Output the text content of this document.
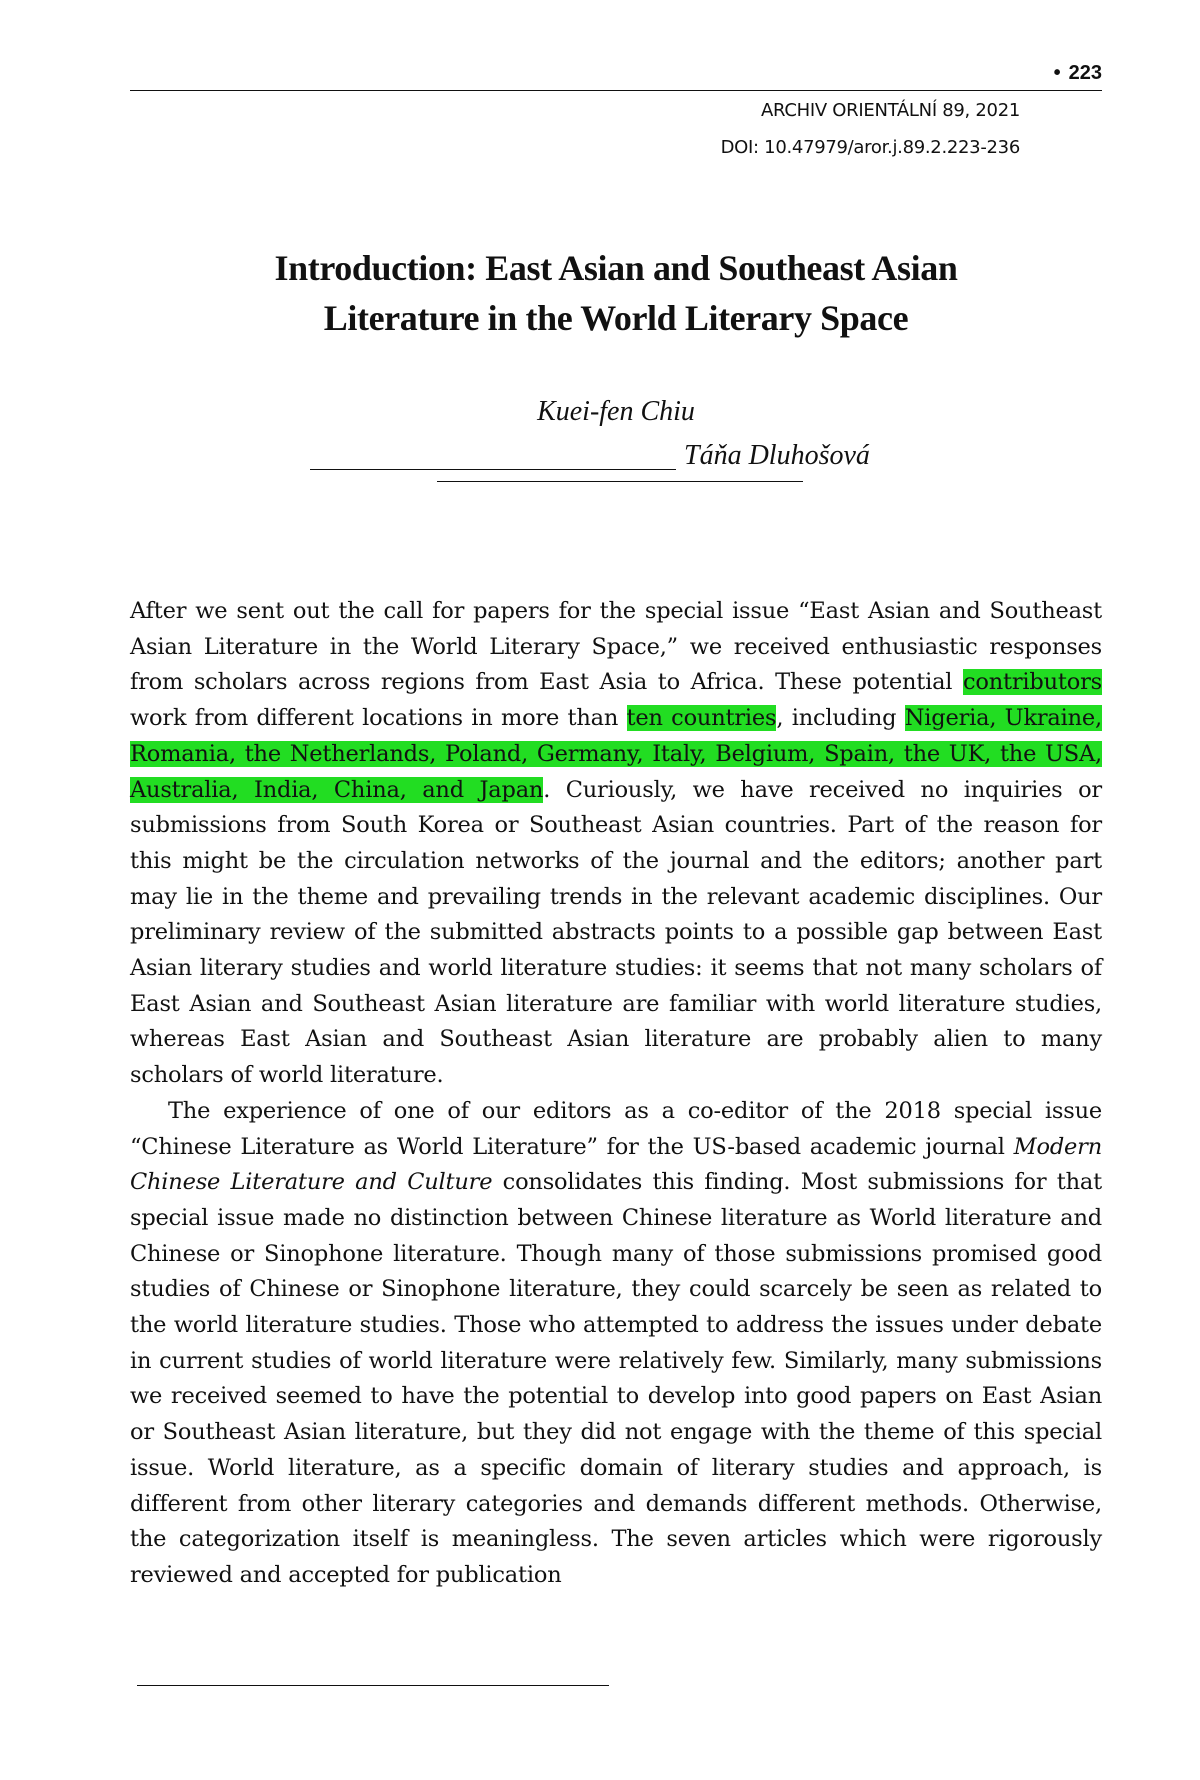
• 223
ARCHIV ORIENTÁLNÍ 89, 2021
DOI: 10.47979/aror.j.89.2.223-236
Introduction: East Asian and Southeast Asian
Literature in the World Literary Space
Kuei-fen Chiu
Táňa Dluhošová

After we sent out the call for papers for the special issue “East Asian and Southeast Asian Literature in the World Literary Space,” we received enthusiastic responses from scholars across regions from East Asia to Africa. These potential contributors work from different locations in more than ten countries, including Nigeria, Ukraine, Romania, the Netherlands, Poland, Germany, Italy, Belgium, Spain, the UK, the USA, Australia, India, China, and Japan. Curiously, we have received no inquiries or submissions from South Korea or Southeast Asian countries. Part of the reason for this might be the circulation networks of the journal and the editors; another part may lie in the theme and prevailing trends in the relevant academic disciplines. Our preliminary review of the submitted abstracts points to a possible gap between East Asian literary studies and world literature studies: it seems that not many scholars of East Asian and Southeast Asian literature are familiar with world literature studies, whereas East Asian and Southeast Asian literature are probably alien to many scholars of world literature.

The experience of one of our editors as a co-editor of the 2018 special issue “Chinese Literature as World Literature” for the US-based academic journal Modern Chinese Literature and Culture consolidates this finding. Most submissions for that special issue made no distinction between Chinese literature as World literature and Chinese or Sinophone literature. Though many of those submissions promised good studies of Chinese or Sinophone literature, they could scarcely be seen as related to the world literature studies. Those who attempted to address the issues under debate in current studies of world literature were relatively few. Similarly, many submissions we received seemed to have the potential to develop into good papers on East Asian or Southeast Asian literature, but they did not engage with the theme of this special issue. World literature, as a specific domain of literary studies and approach, is different from other literary categories and demands different methods. Otherwise, the categorization itself is meaningless. The seven articles which were rigorously reviewed and accepted for publication
